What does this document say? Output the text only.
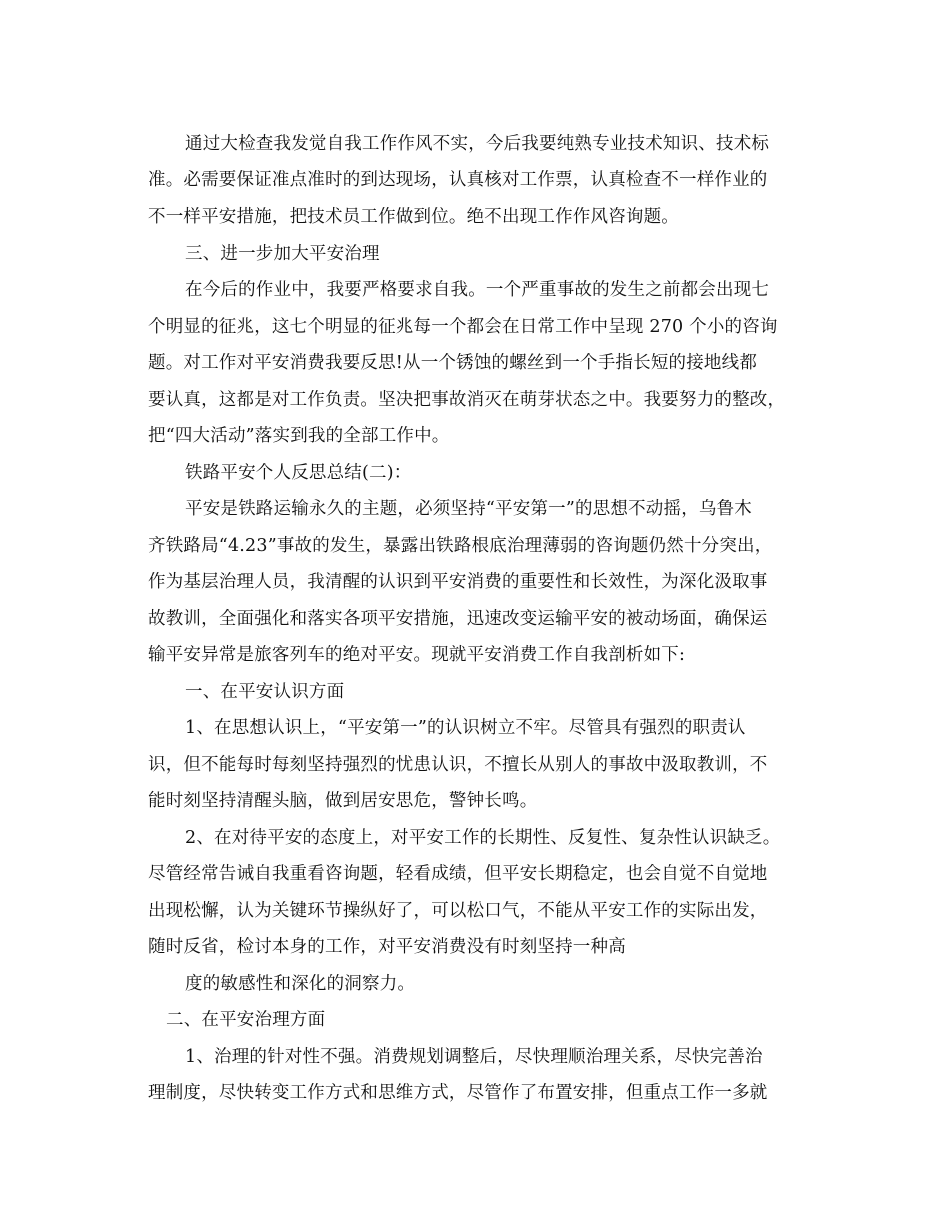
通过大检查我发觉自我工作作风不实，今后我要纯熟专业技术知识、技术标
准。必需要保证准点准时的到达现场，认真核对工作票，认真检查不一样作业的
不一样平安措施，把技术员工作做到位。绝不出现工作作风咨询题。
三、进一步加大平安治理
在今后的作业中，我要严格要求自我。一个严重事故的发生之前都会出现七
个明显的征兆，这七个明显的征兆每一个都会在日常工作中呈现 270 个小的咨询
题。对工作对平安消费我要反思!从一个锈蚀的螺丝到一个手指长短的接地线都
要认真，这都是对工作负责。坚决把事故消灭在萌芽状态之中。我要努力的整改，
把“四大活动”落实到我的全部工作中。
铁路平安个人反思总结(二)：
平安是铁路运输永久的主题，必须坚持“平安第一”的思想不动摇，乌鲁木
齐铁路局“4.23”事故的发生，暴露出铁路根底治理薄弱的咨询题仍然十分突出，
作为基层治理人员，我清醒的认识到平安消费的重要性和长效性，为深化汲取事
故教训，全面强化和落实各项平安措施，迅速改变运输平安的被动场面，确保运
输平安异常是旅客列车的绝对平安。现就平安消费工作自我剖析如下:
一、在平安认识方面
1、在思想认识上，“平安第一”的认识树立不牢。尽管具有强烈的职责认
识，但不能每时每刻坚持强烈的忧患认识，不擅长从别人的事故中汲取教训，不
能时刻坚持清醒头脑，做到居安思危，警钟长鸣。
2、在对待平安的态度上，对平安工作的长期性、反复性、复杂性认识缺乏。
尽管经常告诫自我重看咨询题，轻看成绩，但平安长期稳定，也会自觉不自觉地
出现松懈，认为关键环节操纵好了，可以松口气，不能从平安工作的实际出发，
随时反省，检讨本身的工作，对平安消费没有时刻坚持一种高
度的敏感性和深化的洞察力。
二、在平安治理方面
1、治理的针对性不强。消费规划调整后，尽快理顺治理关系，尽快完善治
理制度，尽快转变工作方式和思维方式，尽管作了布置安排，但重点工作一多就
